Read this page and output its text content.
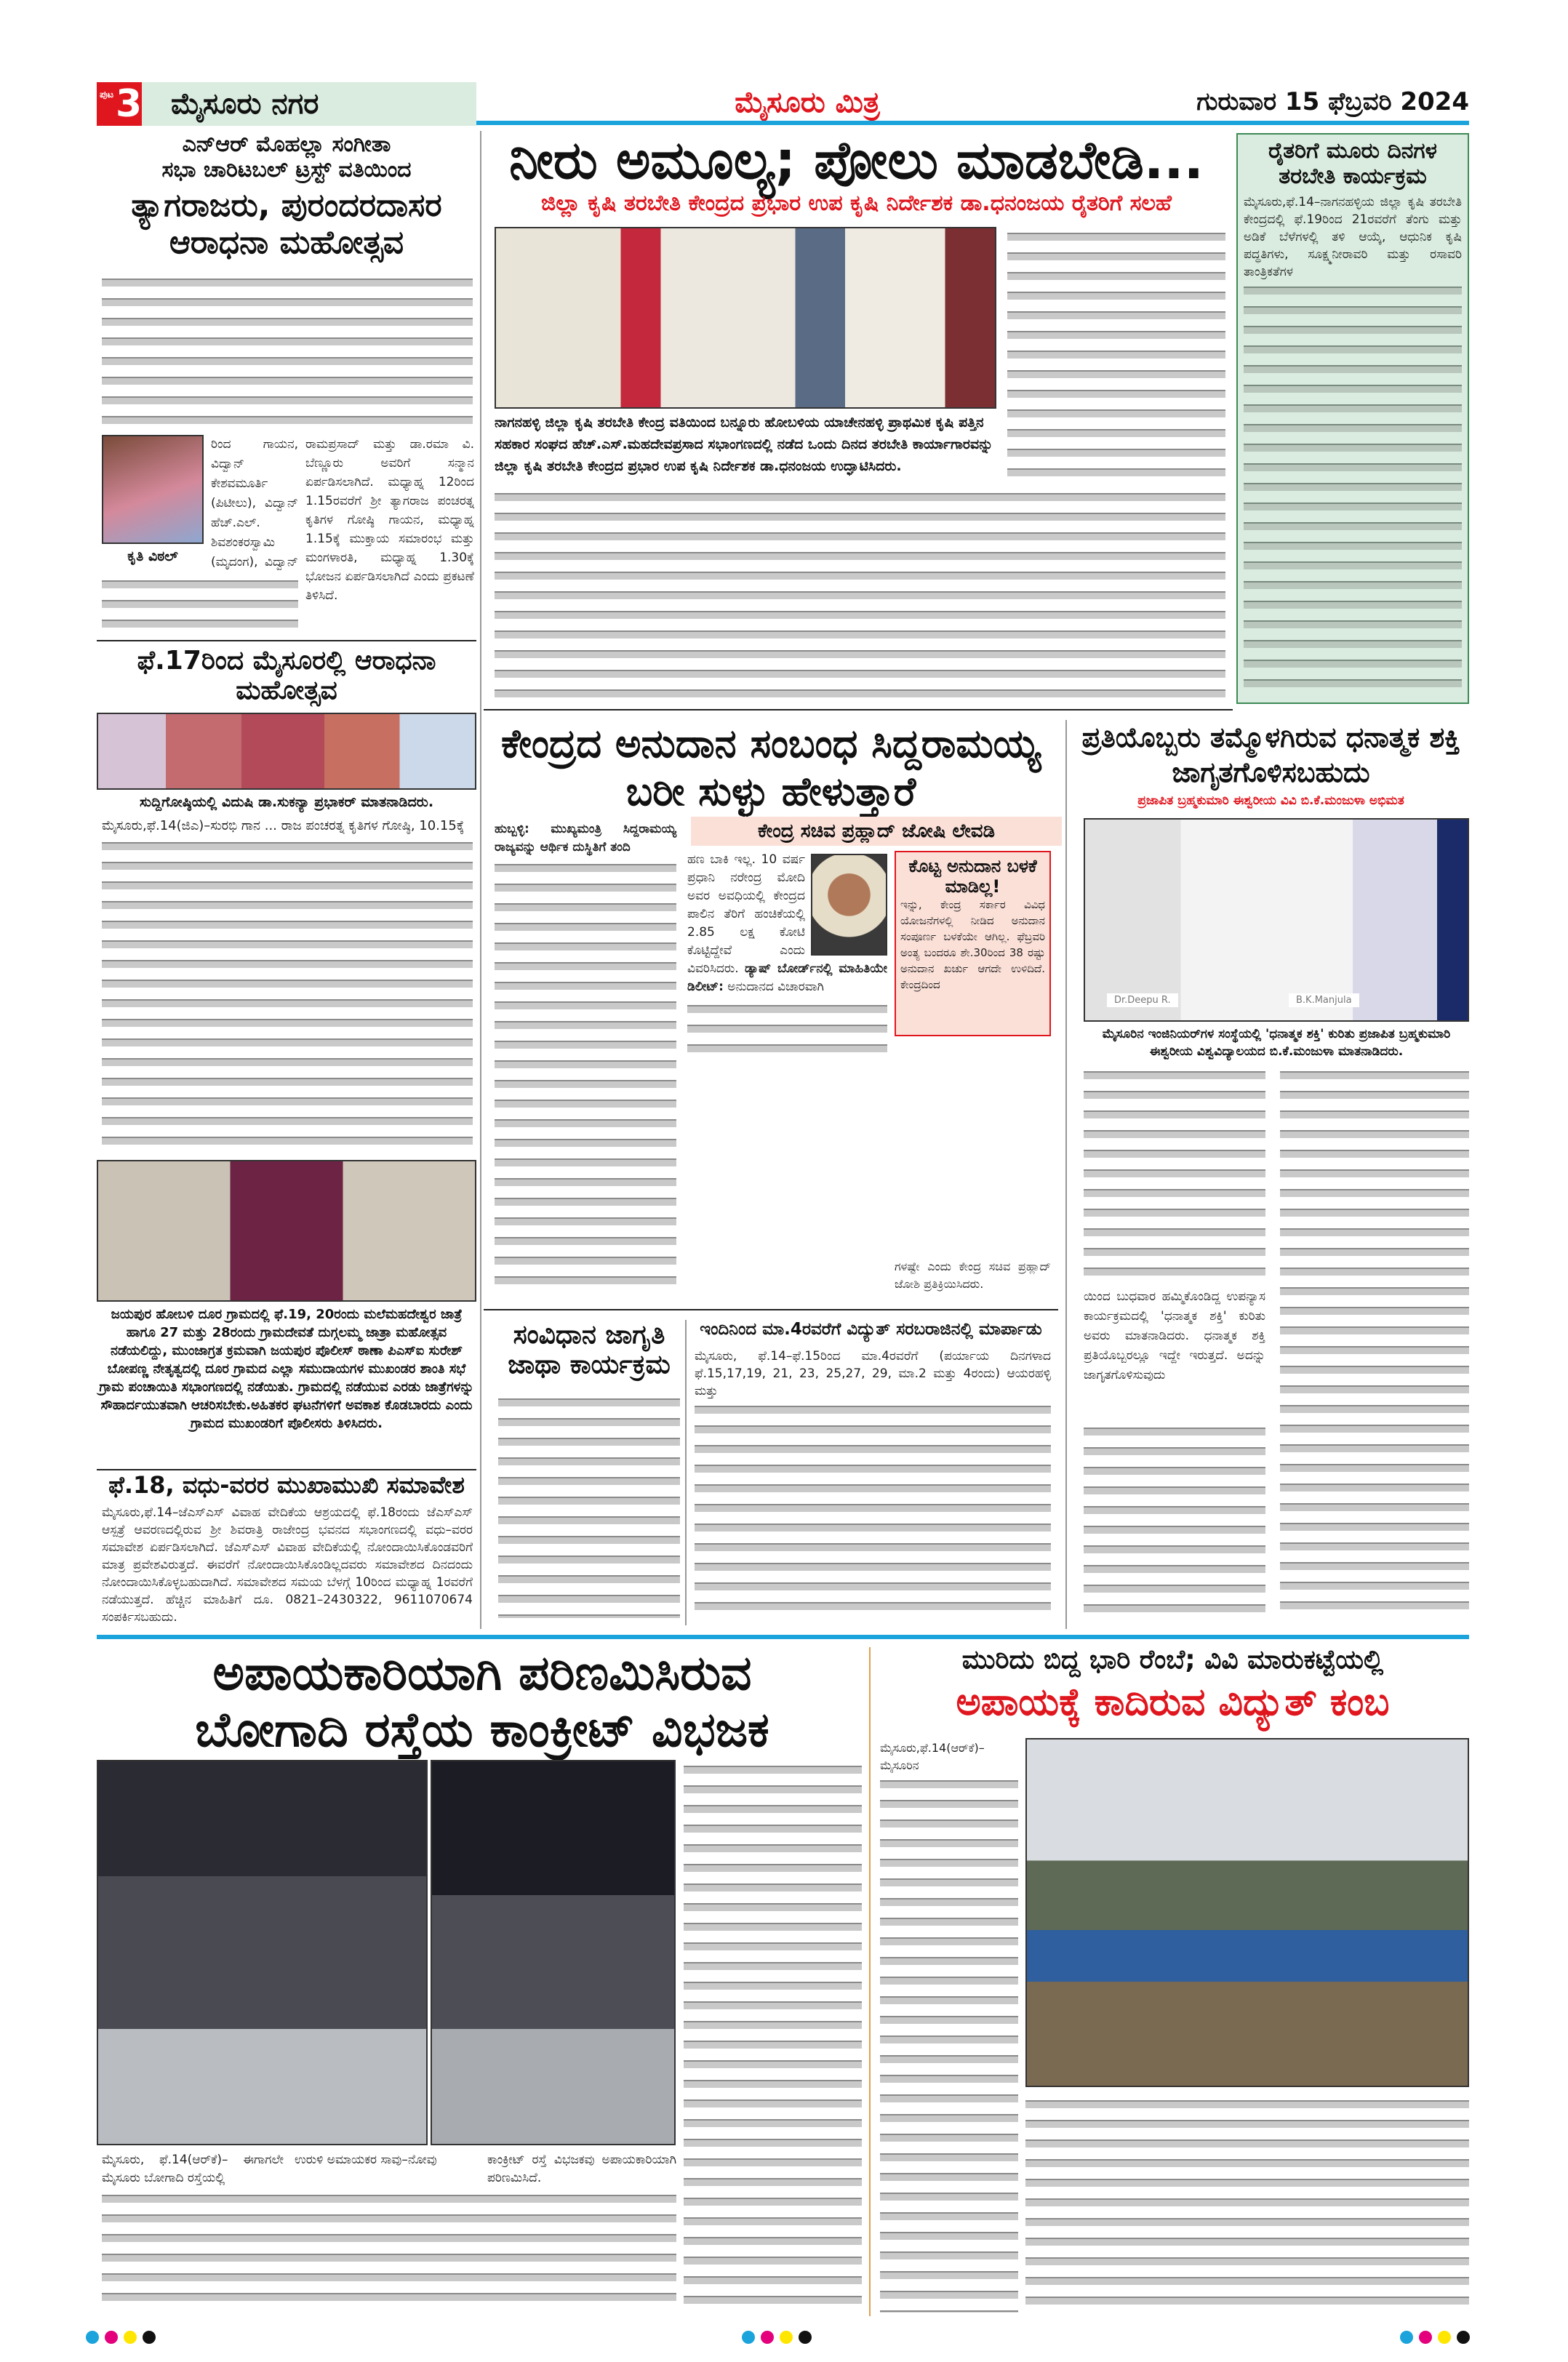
ಪುಟ 3 ಮೈಸೂರು ನಗರ	ಮೈಸೂರು ಮಿತ್ರ	ಗುರುವಾರ 15 ಫೆಬ್ರವರಿ 2024
ಎನ್‌ಆರ್ ಮೊಹಲ್ಲಾ ಸಂಗೀತಾ
ಸಭಾ ಚಾರಿಟಬಲ್ ಟ್ರಸ್ಟ್ ವತಿಯಿಂದ
ತ್ಯಾಗರಾಜರು, ಪುರಂದರದಾಸರ ಆರಾಧನಾ ಮಹೋತ್ಸವ
ಕೃತಿ ವಿಠಲ್
ರಿಂದ ಗಾಯನ, ವಿದ್ವಾನ್ ಕೇಶವಮೂರ್ತಿ (ಪಿಟೀಲು), ವಿದ್ವಾನ್ ಹೆಚ್.ಎಲ್. ಶಿವಶಂಕರಸ್ವಾಮಿ (ಮೃದಂಗ), ವಿದ್ವಾನ್
ರಾಮಪ್ರಸಾದ್ ಮತ್ತು ಡಾ.ರಮಾ ವಿ. ಬೆಣ್ಣೂರು ಅವರಿಗೆ ಸನ್ಮಾನ ಏರ್ಪಡಿಸಲಾಗಿದೆ. ಮಧ್ಯಾಹ್ನ 12ರಿಂದ 1.15ರವರೆಗೆ ಶ್ರೀ ತ್ಯಾಗರಾಜ ಪಂಚರತ್ನ ಕೃತಿಗಳ ಗೋಷ್ಠಿ ಗಾಯನ, ಮಧ್ಯಾಹ್ನ 1.15ಕ್ಕೆ ಮುಕ್ತಾಯ ಸಮಾರಂಭ ಮತ್ತು ಮಂಗಳಾರತಿ, ಮಧ್ಯಾಹ್ನ 1.30ಕ್ಕೆ ಭೋಜನ ಏರ್ಪಡಿಸಲಾಗಿದೆ ಎಂದು ಪ್ರಕಟಣೆ ತಿಳಿಸಿದೆ.
ಫೆ.17ರಿಂದ ಮೈಸೂರಲ್ಲಿ ಆರಾಧನಾ ಮಹೋತ್ಸವ
ಸುದ್ದಿಗೋಷ್ಠಿಯಲ್ಲಿ ವಿದುಷಿ ಡಾ.ಸುಕನ್ಯಾ ಪ್ರಭಾಕರ್ ಮಾತನಾಡಿದರು.
ಮೈಸೂರು,ಫೆ.14(ಜಿಎ)–ಸುರಭಿ ಗಾನ ... ರಾಜ ಪಂಚರತ್ನ ಕೃತಿಗಳ ಗೋಷ್ಠಿ, 10.15ಕ್ಕೆ
ಜಯಪುರ ಹೋಬಳಿ ದೂರ ಗ್ರಾಮದಲ್ಲಿ ಫೆ.19, 20ರಂದು ಮಲೆಮಹದೇಶ್ವರ ಜಾತ್ರೆ ಹಾಗೂ 27 ಮತ್ತು 28ರಂದು ಗ್ರಾಮದೇವತೆ ದುಗ್ಗಲಮ್ಮ ಜಾತ್ರಾ ಮಹೋತ್ಸವ ನಡೆಯಲಿದ್ದು, ಮುಂಜಾಗ್ರತ ಕ್ರಮವಾಗಿ ಜಯಪುರ ಪೊಲೀಸ್ ಠಾಣಾ ಪಿಎಸ್‌ಐ ಸುರೇಶ್ ಬೋಪಣ್ಣ ನೇತೃತ್ವದಲ್ಲಿ ದೂರ ಗ್ರಾಮದ ಎಲ್ಲಾ ಸಮುದಾಯಗಳ ಮುಖಂಡರ ಶಾಂತಿ ಸಭೆ ಗ್ರಾಮ ಪಂಚಾಯಿತಿ ಸಭಾಂಗಣದಲ್ಲಿ ನಡೆಯಿತು. ಗ್ರಾಮದಲ್ಲಿ ನಡೆಯುವ ಎರಡು ಜಾತ್ರೆಗಳನ್ನು ಸೌಹಾರ್ದಯುತವಾಗಿ ಆಚರಿಸಬೇಕು.ಅಹಿತಕರ ಘಟನೆಗಳಿಗೆ ಅವಕಾಶ ಕೊಡಬಾರದು ಎಂದು ಗ್ರಾಮದ ಮುಖಂಡರಿಗೆ ಪೊಲೀಸರು ತಿಳಿಸಿದರು.
ಫೆ.18, ವಧು-ವರರ ಮುಖಾಮುಖಿ ಸಮಾವೇಶ
ಮೈಸೂರು,ಫೆ.14–ಜೆಎಸ್‌ಎಸ್ ವಿವಾಹ ವೇದಿಕೆಯ ಆಶ್ರಯದಲ್ಲಿ ಫೆ.18ರಂದು ಜೆಎಸ್‌ಎಸ್ ಆಸ್ಪತ್ರೆ ಆವರಣದಲ್ಲಿರುವ ಶ್ರೀ ಶಿವರಾತ್ರಿ ರಾಜೇಂದ್ರ ಭವನದ ಸಭಾಂಗಣದಲ್ಲಿ ವಧು–ವರರ ಸಮಾವೇಶ ಏರ್ಪಡಿಸಲಾಗಿದೆ. ಜೆಎಸ್‌ಎಸ್ ವಿವಾಹ ವೇದಿಕೆಯಲ್ಲಿ ನೋಂದಾಯಿಸಿಕೊಂಡವರಿಗೆ ಮಾತ್ರ ಪ್ರವೇಶವಿರುತ್ತದೆ. ಈವರೆಗೆ ನೋಂದಾಯಿಸಿಕೊಂಡಿಲ್ಲದವರು ಸಮಾವೇಶದ ದಿನದಂದು ನೋಂದಾಯಿಸಿಕೊಳ್ಳಬಹುದಾಗಿದೆ. ಸಮಾವೇಶದ ಸಮಯ ಬೆಳಗ್ಗೆ 10ರಿಂದ ಮಧ್ಯಾಹ್ನ 1ರವರೆಗೆ ನಡೆಯುತ್ತದೆ. ಹೆಚ್ಚಿನ ಮಾಹಿತಿಗೆ ದೂ. 0821–2430322, 9611070674 ಸಂಪರ್ಕಿಸಬಹುದು.
ನೀರು ಅಮೂಲ್ಯ; ಪೋಲು ಮಾಡಬೇಡಿ...
ಜಿಲ್ಲಾ ಕೃಷಿ ತರಬೇತಿ ಕೇಂದ್ರದ ಪ್ರಭಾರ ಉಪ ಕೃಷಿ ನಿರ್ದೇಶಕ ಡಾ.ಧನಂಜಯ ರೈತರಿಗೆ ಸಲಹೆ
ನಾಗನಹಳ್ಳಿ ಜಿಲ್ಲಾ ಕೃಷಿ ತರಬೇತಿ ಕೇಂದ್ರ ವತಿಯಿಂದ ಬನ್ನೂರು ಹೋಬಳಿಯ ಯಾಚೇನಹಳ್ಳಿ ಪ್ರಾಥಮಿಕ ಕೃಷಿ ಪತ್ತಿನ ಸಹಕಾರ ಸಂಘದ ಹೆಚ್.ಎಸ್.ಮಹದೇವಪ್ರಸಾದ ಸಭಾಂಗಣದಲ್ಲಿ ನಡೆದ ಒಂದು ದಿನದ ತರಬೇತಿ ಕಾರ್ಯಾಗಾರವನ್ನು ಜಿಲ್ಲಾ ಕೃಷಿ ತರಬೇತಿ ಕೇಂದ್ರದ ಪ್ರಭಾರ ಉಪ ಕೃಷಿ ನಿರ್ದೇಶಕ ಡಾ.ಧನಂಜಯ ಉದ್ಘಾಟಿಸಿದರು.
ರೈತರಿಗೆ ಮೂರು ದಿನಗಳ ತರಬೇತಿ ಕಾರ್ಯಕ್ರಮ
ಮೈಸೂರು,ಫೆ.14–ನಾಗನಹಳ್ಳಿಯ ಜಿಲ್ಲಾ ಕೃಷಿ ತರಬೇತಿ ಕೇಂದ್ರದಲ್ಲಿ ಫೆ.19ರಿಂದ 21ರವರೆಗೆ ತೆಂಗು ಮತ್ತು ಅಡಿಕೆ ಬೆಳೆಗಳಲ್ಲಿ ತಳಿ ಆಯ್ಕೆ, ಆಧುನಿಕ ಕೃಷಿ ಪದ್ಧತಿಗಳು, ಸೂಕ್ಷ್ಮನೀರಾವರಿ ಮತ್ತು ರಸಾವರಿ ತಾಂತ್ರಿಕತೆಗಳ
ಕೇಂದ್ರದ ಅನುದಾನ ಸಂಬಂಧ ಸಿದ್ದರಾಮಯ್ಯ ಬರೀ ಸುಳ್ಳು ಹೇಳುತ್ತಾರೆ
ಹುಬ್ಬಳ್ಳಿ: ಮುಖ್ಯಮಂತ್ರಿ ಸಿದ್ದರಾಮಯ್ಯ ರಾಜ್ಯವನ್ನು ಆರ್ಥಿಕ ದುಸ್ಥಿತಿಗೆ ತಂದಿ
ಕೇಂದ್ರ ಸಚಿವ ಪ್ರಹ್ಲಾದ್ ಜೋಷಿ ಲೇವಡಿ
ಹಣ ಬಾಕಿ ಇಲ್ಲ. 10 ವರ್ಷ ಪ್ರಧಾನಿ ನರೇಂದ್ರ ಮೋದಿ ಅವರ ಅವಧಿಯಲ್ಲಿ ಕೇಂದ್ರದ ಪಾಲಿನ ತೆರಿಗೆ ಹಂಚಿಕೆಯಲ್ಲಿ 2.85 ಲಕ್ಷ ಕೋಟಿ ಕೊಟ್ಟಿದ್ದೇವೆ ಎಂದು ವಿವರಿಸಿದರು. ಡ್ಯಾಷ್ ಬೋರ್ಡ್‌ನಲ್ಲಿ ಮಾಹಿತಿಯೇ ಡಿಲೀಟ್: ಅನುದಾನದ ವಿಚಾರವಾಗಿ
ಕೊಟ್ಟ ಅನುದಾನ ಬಳಕೆ ಮಾಡಿಲ್ಲ!
ಇನ್ನು, ಕೇಂದ್ರ ಸರ್ಕಾರ ವಿವಿಧ ಯೋಜನೆಗಳಲ್ಲಿ ನೀಡಿದ ಅನುದಾನ ಸಂಪೂರ್ಣ ಬಳಕೆಯೇ ಆಗಿಲ್ಲ. ಫೆಬ್ರವರಿ ಅಂತ್ಯ ಬಂದರೂ ಶೇ.30ರಿಂದ 38 ರಷ್ಟು ಅನುದಾನ ಖರ್ಚು ಆಗದೇ ಉಳಿದಿದೆ. ಕೇಂದ್ರದಿಂದ
ಗಳಷ್ಟೇ ಎಂದು ಕೇಂದ್ರ ಸಚಿವ ಪ್ರಹ್ಲಾದ್ ಜೋಶಿ ಪ್ರತಿಕ್ರಿಯಿಸಿದರು.
ಸಂವಿಧಾನ ಜಾಗೃತಿ ಜಾಥಾ ಕಾರ್ಯಕ್ರಮ
ಇಂದಿನಿಂದ ಮಾ.4ರವರೆಗೆ ವಿದ್ಯುತ್ ಸರಬರಾಜಿನಲ್ಲಿ ಮಾರ್ಪಾಡು
ಮೈಸೂರು, ಫೆ.14–ಫೆ.15ರಿಂದ ಮಾ.4ರವರೆಗೆ (ಪರ್ಯಾಯ ದಿನಗಳಾದ ಫೆ.15,17,19, 21, 23, 25,27, 29, ಮಾ.2 ಮತ್ತು 4ರಂದು) ಆಯರಹಳ್ಳಿ ಮತ್ತು
ಪ್ರತಿಯೊಬ್ಬರು ತಮ್ಮೊಳಗಿರುವ ಧನಾತ್ಮಕ ಶಕ್ತಿ ಜಾಗೃತಗೊಳಿಸಬಹುದು
ಪ್ರಜಾಪಿತ ಬ್ರಹ್ಮಕುಮಾರಿ ಈಶ್ವರೀಯ ವಿವಿ ಬಿ.ಕೆ.ಮಂಜುಳಾ ಅಭಿಮತ
Dr.Deepu R.	B.K.Manjula
ಮೈಸೂರಿನ ಇಂಜಿನಿಯರ್‌ಗಳ ಸಂಸ್ಥೆಯಲ್ಲಿ 'ಧನಾತ್ಮಕ ಶಕ್ತಿ' ಕುರಿತು ಪ್ರಜಾಪಿತ ಬ್ರಹ್ಮಕುಮಾರಿ ಈಶ್ವರೀಯ ವಿಶ್ವವಿದ್ಯಾಲಯದ ಬಿ.ಕೆ.ಮಂಜುಳಾ ಮಾತನಾಡಿದರು.
ಯಿಂದ ಬುಧವಾರ ಹಮ್ಮಿಕೊಂಡಿದ್ದ ಉಪನ್ಯಾಸ ಕಾರ್ಯಕ್ರಮದಲ್ಲಿ 'ಧನಾತ್ಮಕ ಶಕ್ತಿ' ಕುರಿತು ಅವರು ಮಾತನಾಡಿದರು. ಧನಾತ್ಮಕ ಶಕ್ತಿ ಪ್ರತಿಯೊಬ್ಬರಲ್ಲೂ ಇದ್ದೇ ಇರುತ್ತದೆ. ಅದನ್ನು ಜಾಗೃತಗೊಳಿಸುವುದು
ಅಪಾಯಕಾರಿಯಾಗಿ ಪರಿಣಮಿಸಿರುವ
ಬೋಗಾದಿ ರಸ್ತೆಯ ಕಾಂಕ್ರೀಟ್ ವಿಭಜಕ
ಮೈಸೂರು, ಫೆ.14(ಆರ್‌ಕೆ)– ಈಗಾಗಲೇ ಮೈಸೂರು ಬೋಗಾದಿ ರಸ್ತೆಯಲ್ಲಿ
ಉರುಳಿ ಅಮಾಯಕರ ಸಾವು–ನೋವು	ಕಾಂಕ್ರೀಟ್ ರಸ್ತೆ ವಿಭಜಕವು ಅಪಾಯಕಾರಿಯಾಗಿ ಪರಿಣಮಿಸಿದೆ.
ಮುರಿದು ಬಿದ್ದ ಭಾರಿ ರೆಂಬೆ; ವಿವಿ ಮಾರುಕಟ್ಟೆಯಲ್ಲಿ
ಅಪಾಯಕ್ಕೆ ಕಾದಿರುವ ವಿದ್ಯುತ್ ಕಂಬ
ಮೈಸೂರು,ಫೆ.14(ಆರ್‌ಕೆ)– ಮೈಸೂರಿನ
